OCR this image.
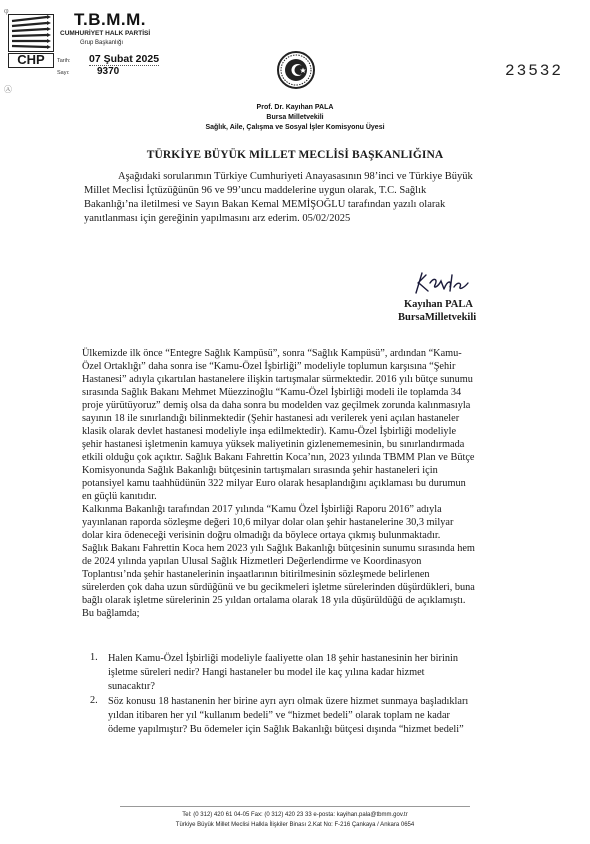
CHP
T.B.M.M.
CUMHURİYET HALK PARTİSİ
Grup Başkanlığı
Tarih: 07 Şubat 2025
Sayı:	9370	23532
Prof. Dr. Kayıhan PALA
Bursa Milletvekili
Sağlık, Aile, Çalışma ve Sosyal İşler Komisyonu Üyesi
φ
Ⓐ
TÜRKİYE BÜYÜK MİLLET MECLİSİ BAŞKANLIĞINA
Aşağıdaki sorularımın Türkiye Cumhuriyeti Anayasasının 98’inci ve Türkiye Büyük
Millet Meclisi İçtüzüğünün 96 ve 99’uncu maddelerine uygun olarak, T.C. Sağlık
Bakanlığı’na iletilmesi ve Sayın Bakan Kemal MEMİŞOĞLU tarafından yazılı olarak
yanıtlanması için gereğinin yapılmasını arz ederim. 05/02/2025
Kayıhan PALA
BursaMilletvekili
Ülkemizde ilk önce “Entegre Sağlık Kampüsü”, sonra “Sağlık Kampüsü”, ardından “Kamu-
Özel Ortaklığı” daha sonra ise “Kamu-Özel İşbirliği” modeliyle toplumun karşısına “Şehir
Hastanesi” adıyla çıkartılan hastanelere ilişkin tartışmalar sürmektedir. 2016 yılı bütçe sunumu
sırasında Sağlık Bakanı Mehmet Müezzinoğlu “Kamu-Özel İşbirliği modeli ile toplamda 34
proje yürütüyoruz” demiş olsa da daha sonra bu modelden vaz geçilmek zorunda kalınmasıyla
sayının 18 ile sınırlandığı bilinmektedir (Şehir hastanesi adı verilerek yeni açılan hastaneler
klasik olarak devlet hastanesi modeliyle inşa edilmektedir). Kamu-Özel İşbirliği modeliyle
şehir hastanesi işletmenin kamuya yüksek maliyetinin gizlenememesinin, bu sınırlandırmada
etkili olduğu çok açıktır. Sağlık Bakanı Fahrettin Koca’nın, 2023 yılında TBMM Plan ve Bütçe
Komisyonunda Sağlık Bakanlığı bütçesinin tartışmaları sırasında şehir hastaneleri için
potansiyel kamu taahhüdünün 322 milyar Euro olarak hesaplandığını açıklaması bu durumun
en güçlü kanıtıdır.
Kalkınma Bakanlığı tarafından 2017 yılında “Kamu Özel İşbirliği Raporu 2016” adıyla
yayınlanan raporda sözleşme değeri 10,6 milyar dolar olan şehir hastanelerine 30,3 milyar
dolar kira ödeneceği verisinin doğru olmadığı da böylece ortaya çıkmış bulunmaktadır.
Sağlık Bakanı Fahrettin Koca hem 2023 yılı Sağlık Bakanlığı bütçesinin sunumu sırasında hem
de 2024 yılında yapılan Ulusal Sağlık Hizmetleri Değerlendirme ve Koordinasyon
Toplantısı’nda şehir hastanelerinin inşaatlarının bitirilmesinin sözleşmede belirlenen
sürelerden çok daha uzun sürdüğünü ve bu gecikmeleri işletme sürelerinden düşürdükleri, buna
bağlı olarak işletme sürelerinin 25 yıldan ortalama olarak 18 yıla düşürüldüğü de açıklamıştı.
Bu bağlamda;
1. Halen Kamu-Özel İşbirliği modeliyle faaliyette olan 18 şehir hastanesinin her birinin
işletme süreleri nedir? Hangi hastaneler bu model ile kaç yılına kadar hizmet
sunacaktır?
2. Söz konusu 18 hastanenin her birine ayrı ayrı olmak üzere hizmet sunmaya başladıkları
yıldan itibaren her yıl “kullanım bedeli” ve “hizmet bedeli” olarak toplam ne kadar
ödeme yapılmıştır? Bu ödemeler için Sağlık Bakanlığı bütçesi dışında “hizmet bedeli”
Tel: (0 312) 420 61 04-05 Fax: (0 312) 420 23 33 e-posta: kayihan.pala@tbmm.gov.tr
Türkiye Büyük Millet Meclisi Halkla İlişkiler Binası 2.Kat No: F-216 Çankaya / Ankara 0654
